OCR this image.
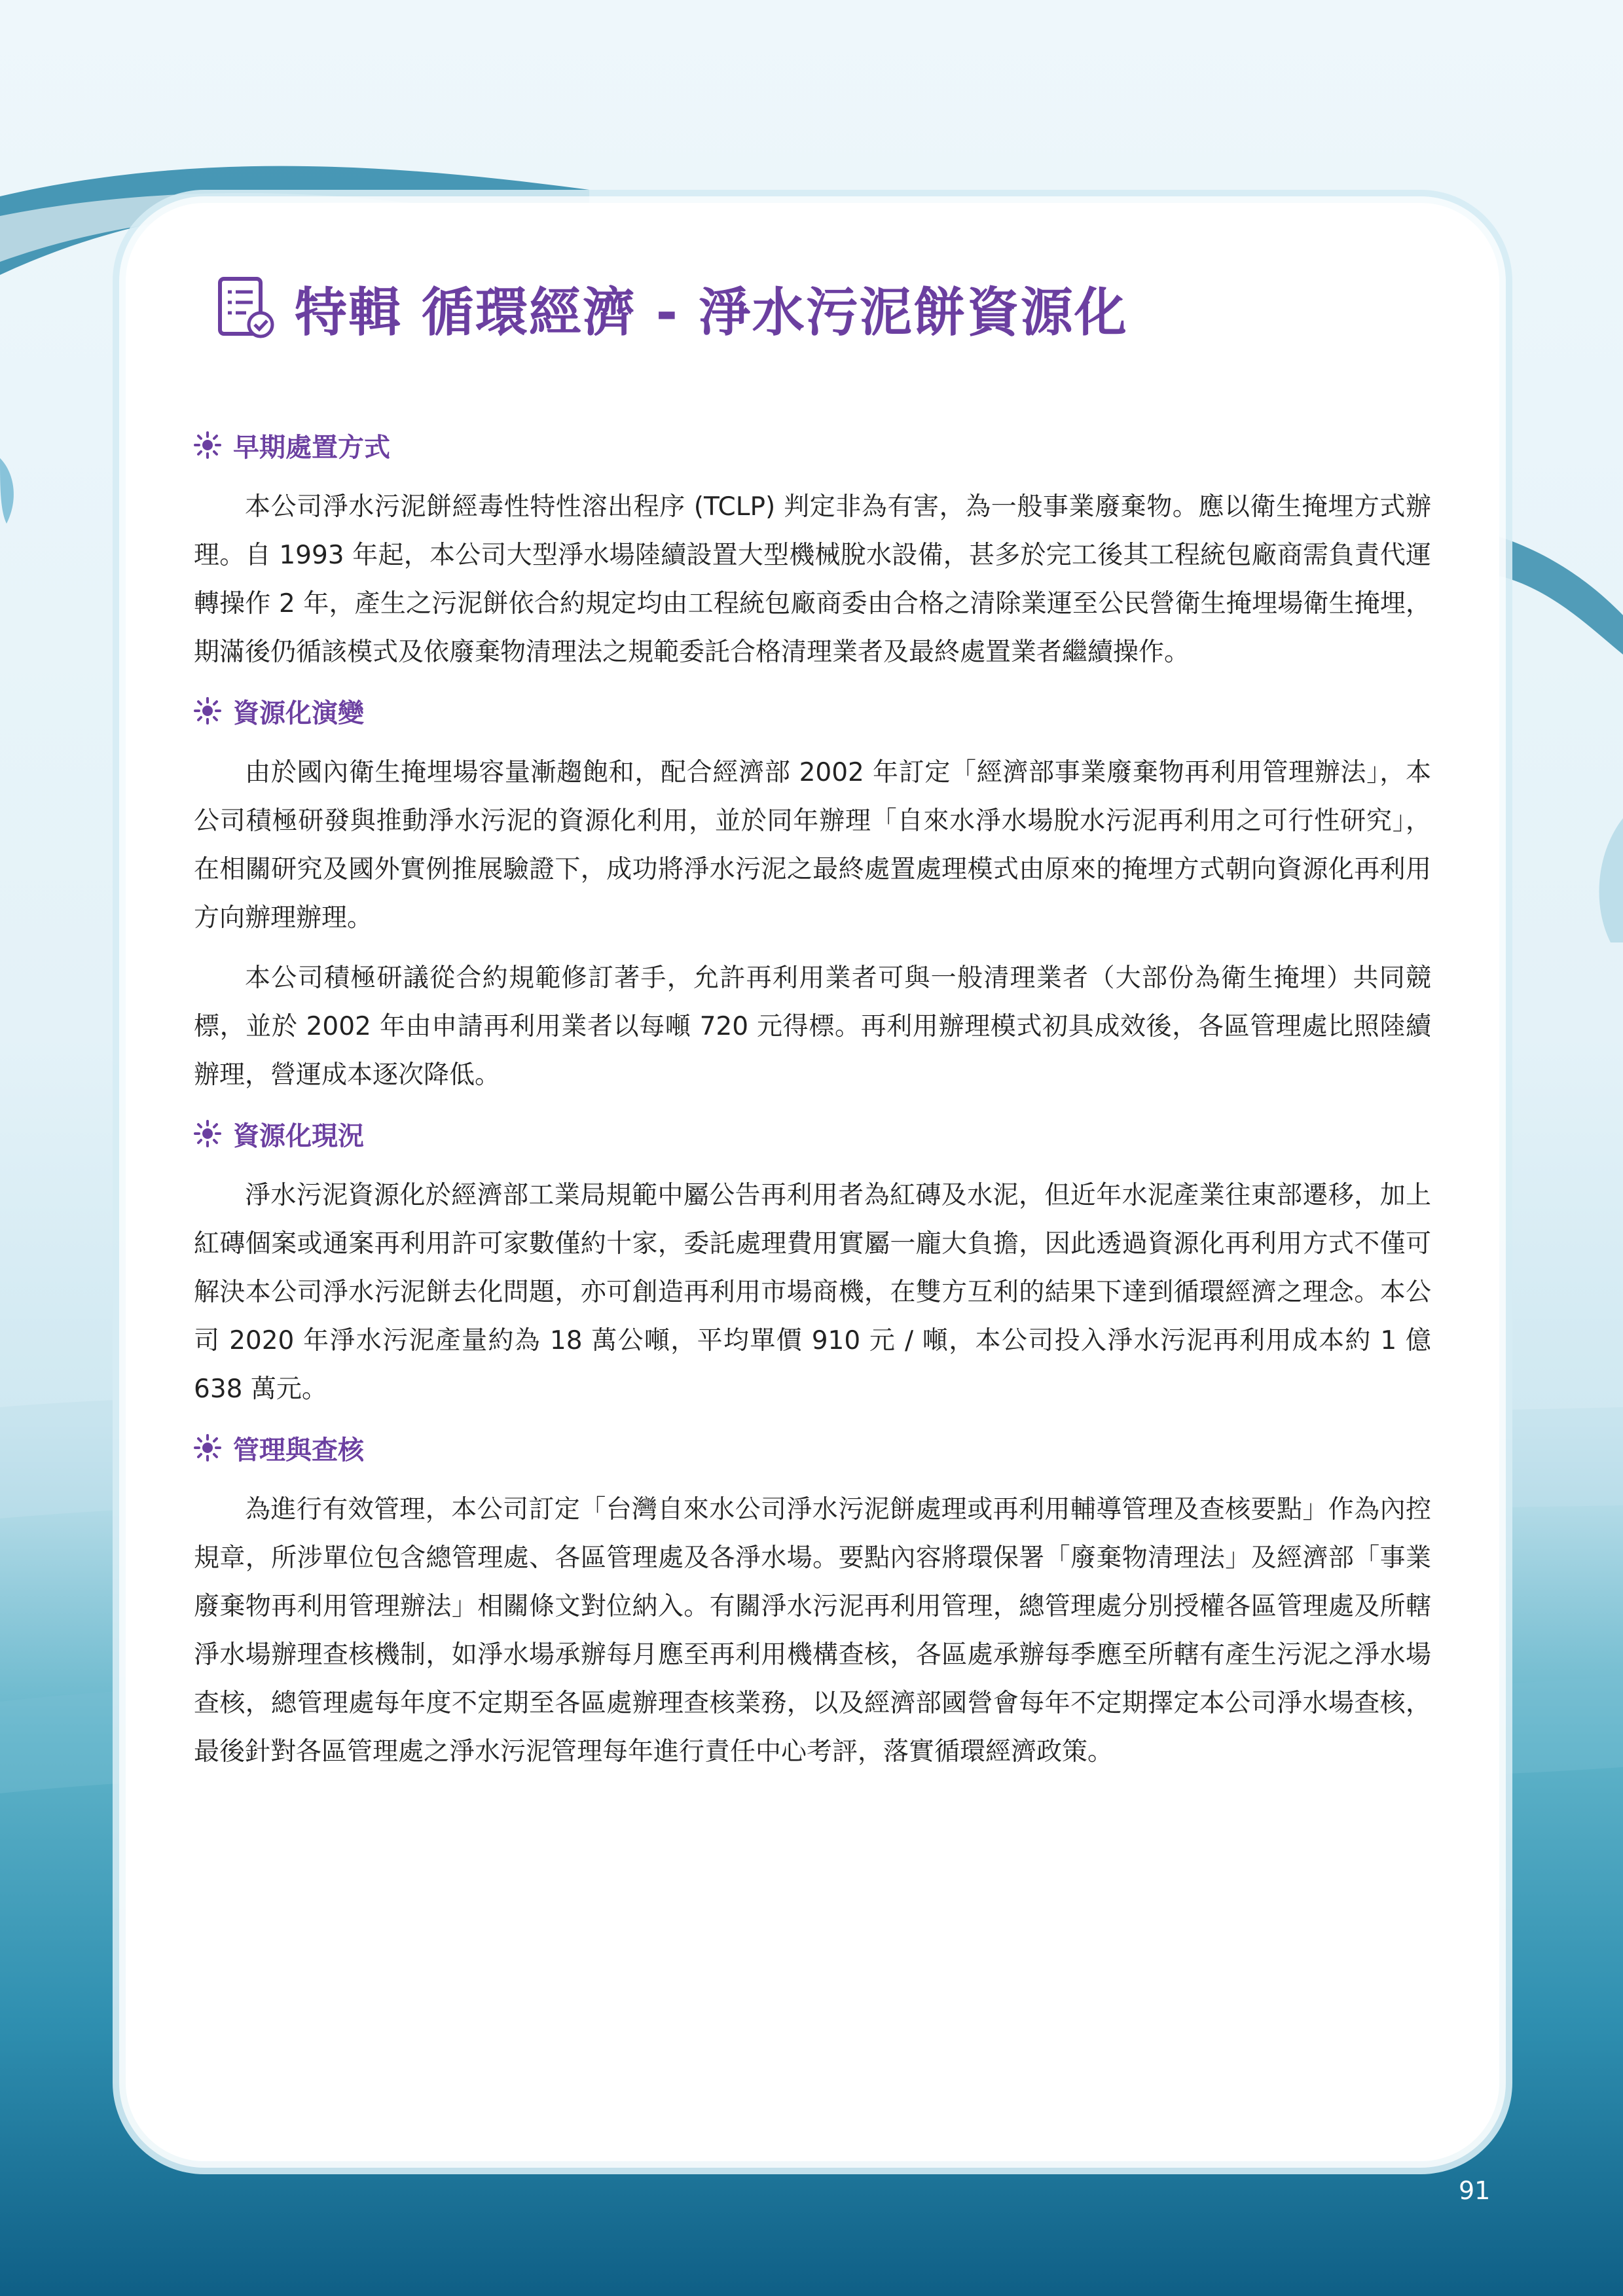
特輯 循環經濟 - 淨水污泥餅資源化
早期處置方式

本公司淨水污泥餅經毒性特性溶出程序 (TCLP) 判定非為有害，為一般事業廢棄物。應以衛生掩埋方式辦理。自 1993 年起，本公司大型淨水場陸續設置大型機械脫水設備，甚多於完工後其工程統包廠商需負責代運轉操作 2 年，產生之污泥餅依合約規定均由工程統包廠商委由合格之清除業運至公民營衛生掩埋場衛生掩埋，期滿後仍循該模式及依廢棄物清理法之規範委託合格清理業者及最終處置業者繼續操作。

資源化演變

由於國內衛生掩埋場容量漸趨飽和，配合經濟部 2002 年訂定「經濟部事業廢棄物再利用管理辦法」，本公司積極研發與推動淨水污泥的資源化利用，並於同年辦理「自來水淨水場脫水污泥再利用之可行性研究」，在相關研究及國外實例推展驗證下，成功將淨水污泥之最終處置處理模式由原來的掩埋方式朝向資源化再利用方向辦理辦理。

本公司積極研議從合約規範修訂著手，允許再利用業者可與一般清理業者（大部份為衛生掩埋）共同競標，並於 2002 年由申請再利用業者以每噸 720 元得標。再利用辦理模式初具成效後，各區管理處比照陸續辦理，營運成本逐次降低。

資源化現況

淨水污泥資源化於經濟部工業局規範中屬公告再利用者為紅磚及水泥，但近年水泥產業往東部遷移，加上紅磚個案或通案再利用許可家數僅約十家，委託處理費用實屬一龐大負擔，因此透過資源化再利用方式不僅可解決本公司淨水污泥餅去化問題，亦可創造再利用市場商機，在雙方互利的結果下達到循環經濟之理念。本公司 2020 年淨水污泥產量約為 18 萬公噸，平均單價 910 元 / 噸，本公司投入淨水污泥再利用成本約 1 億 638 萬元。

管理與查核

為進行有效管理，本公司訂定「台灣自來水公司淨水污泥餅處理或再利用輔導管理及查核要點」作為內控規章，所涉單位包含總管理處、各區管理處及各淨水場。要點內容將環保署「廢棄物清理法」及經濟部「事業廢棄物再利用管理辦法」相關條文對位納入。有關淨水污泥再利用管理，總管理處分別授權各區管理處及所轄淨水場辦理查核機制，如淨水場承辦每月應至再利用機構查核，各區處承辦每季應至所轄有產生污泥之淨水場查核，總管理處每年度不定期至各區處辦理查核業務，以及經濟部國營會每年不定期擇定本公司淨水場查核，最後針對各區管理處之淨水污泥管理每年進行責任中心考評，落實循環經濟政策。

91
